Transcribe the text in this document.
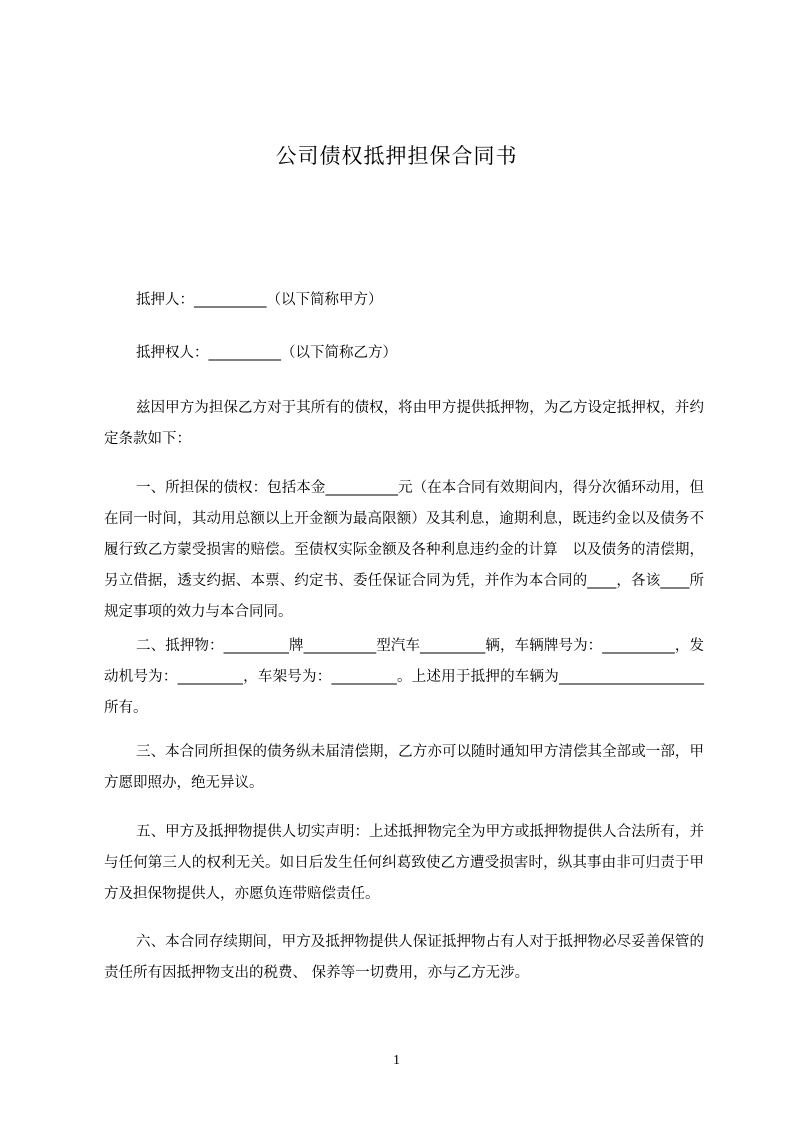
公司债权抵押担保合同书

抵押人：__________（以下简称甲方）

抵押权人：__________（以下简称乙方）

兹因甲方为担保乙方对于其所有的债权，将由甲方提供抵押物，为乙方设定抵押权，并约定条款如下：

一、所担保的债权：包括本金__________元（在本合同有效期间内，得分次循环动用，但在同一时间，其动用总额以上开金额为最高限额）及其利息，逾期利息，既违约金以及债务不履行致乙方蒙受损害的赔偿。至债权实际金额及各种利息违约金的计算　以及债务的清偿期，另立借据，透支约据、本票、约定书、委任保证合同为凭，并作为本合同的____，各该____所规定事项的效力与本合同同。

二、抵押物：_________牌__________型汽车_________辆，车辆牌号为：__________，发动机号为：_________，车架号为：_________。上述用于抵押的车辆为____________________所有。

三、本合同所担保的债务纵未届清偿期，乙方亦可以随时通知甲方清偿其全部或一部，甲方愿即照办，绝无异议。

五、甲方及抵押物提供人切实声明：上述抵押物完全为甲方或抵押物提供人合法所有，并与任何第三人的权利无关。如日后发生任何纠葛致使乙方遭受损害时，纵其事由非可归责于甲方及担保物提供人，亦愿负连带赔偿责任。

六、本合同存续期间，甲方及抵押物提供人保证抵押物占有人对于抵押物必尽妥善保管的责任所有因抵押物支出的税费、 保养等一切费用，亦与乙方无涉。

1
